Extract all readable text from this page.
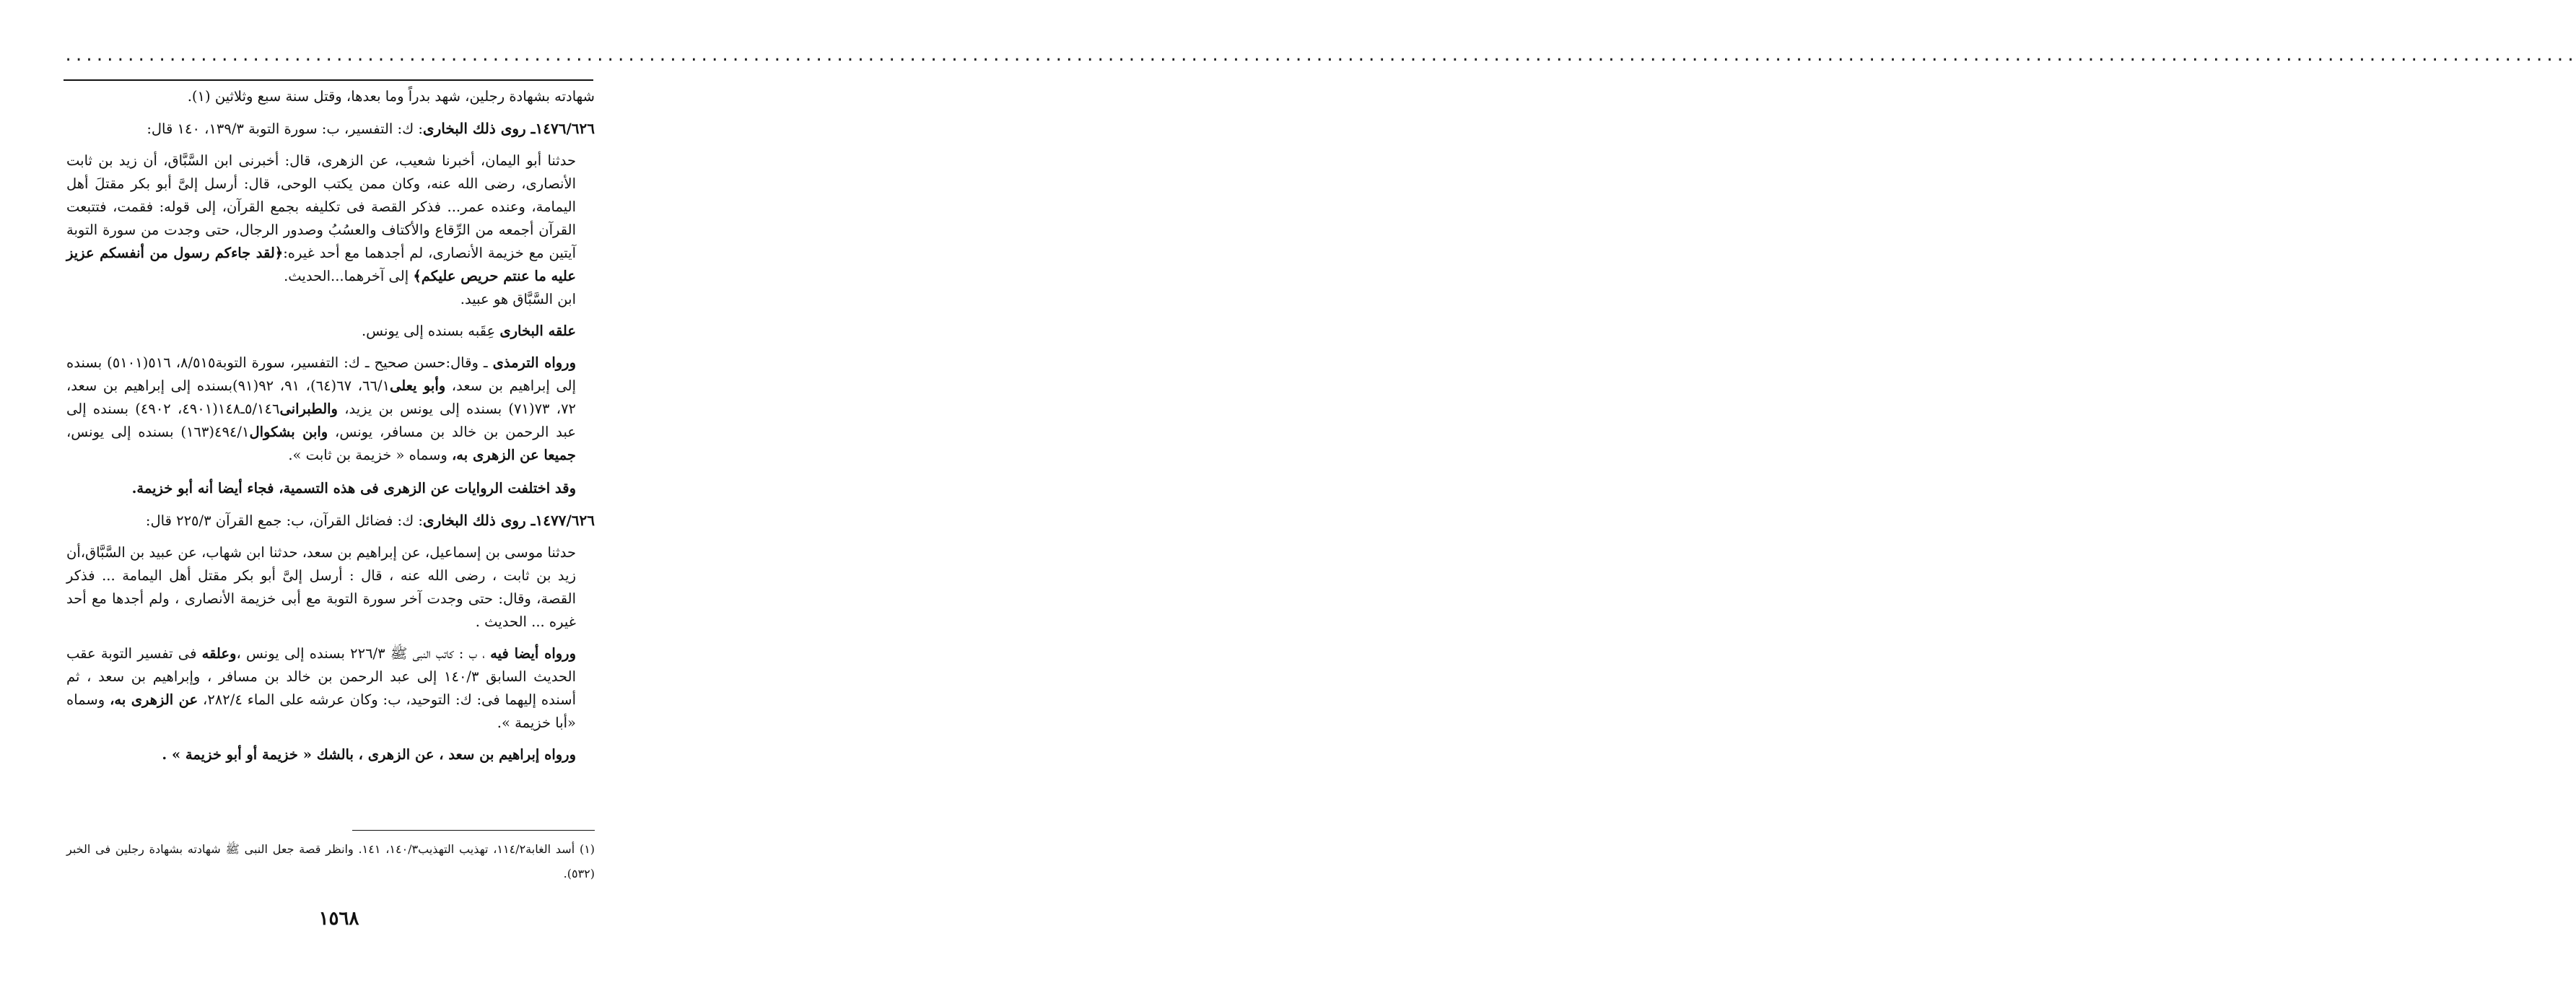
.................................................................................................................................................................................................................................................

شهادته بشهادة رجلين، شهد بدراً وما بعدها، وقتل سنة سبع وثلاثين (١).

١٤٧٦/٦٢٦ـ روى ذلك البخارى: ك: التفسير، ب: سورة التوبة ١٣٩/٣، ١٤٠ قال:

حدثنا أبو اليمان، أخبرنا شعيب، عن الزهرى، قال: أخبرنى ابن السَّبَّاق، أن زيد بن ثابت الأنصارى، رضى الله عنه، وكان ممن يكتب الوحى، قال: أرسل إلىَّ أبو بكر مقتلَ أهل اليمامة، وعنده عمر... فذكر القصة فى تكليفه بجمع القرآن، إلى قوله: فقمت، فتتبعت القرآن أجمعه من الرِّقاع والأكتاف والعسُبُ وصدور الرجال، حتى وجدت من سورة التوبة آيتين مع خزيمة الأنصارى، لم أجدهما مع أحد غيره:﴿لقد جاءكم رسول من أنفسكم عزيز عليه ما عنتم حريص عليكم﴾ إلى آخرهما...الحديث.

ابن السَّبَّاق هو عبيد.

علقه البخارى عِقَبه بسنده إلى يونس.

ورواه الترمذى ـ وقال:حسن صحيح ـ ك: التفسير، سورة التوبة٨/٥١٥، ٥١٦(٥١٠١) بسنده إلى إبراهيم بن سعد، وأبو يعلى٦٦/١، ٦٧(٦٤)، ٩١، ٩٢(٩١)بسنده إلى إبراهيم بن سعد، ٧٢، ٧٣(٧١) بسنده إلى يونس بن يزيد، والطبرانى٥/١٤٦ـ١٤٨(٤٩٠١، ٤٩٠٢) بسنده إلى عبد الرحمن بن خالد بن مسافر، يونس، وابن بشكوال٤٩٤/١(١٦٣) بسنده إلى يونس، جميعا عن الزهرى به، وسماه « خزيمة بن ثابت ».

وقد اختلفت الروايات عن الزهرى فى هذه التسمية، فجاء أيضا أنه أبو خزيمة.

١٤٧٧/٦٢٦ـ روى ذلك البخارى: ك: فضائل القرآن، ب: جمع القرآن ٢٢٥/٣ قال:

حدثنا موسى بن إسماعيل، عن إبراهيم بن سعد، حدثنا ابن شهاب، عن عبيد بن السَّبَّاق،أن زيد بن ثابت ، رضى الله عنه ، قال : أرسل إلىَّ أبو بكر مقتل أهل اليمامة ... فذكر القصة، وقال: حتى وجدت آخر سورة التوبة مع أبى خزيمة الأنصارى ، ولم أجدها مع أحد غيره ... الحديث .

ورواه أيضا فيه ، ب : كاتب النبى ﷺ ٢٢٦/٣ بسنده إلى يونس ،وعلقه فى تفسير التوبة عقب الحديث السابق ١٤٠/٣ إلى عبد الرحمن بن خالد بن مسافر ، وإبراهيم بن سعد ، ثم أسنده إليهما فى: ك: التوحيد، ب: وكان عرشه على الماء ٢٨٢/٤، عن الزهرى به، وسماه «أبا خزيمة ».

ورواه إبراهيم بن سعد ، عن الزهرى ، بالشك « خزيمة أو أبو خزيمة » .

(١) أسد الغابة١١٤/٢، تهذيب التهذيب١٤٠/٣، ١٤١. وانظر قصة جعل النبى ﷺ شهادته بشهادة رجلين فى الخبر (٥٣٢).

١٥٦٨
